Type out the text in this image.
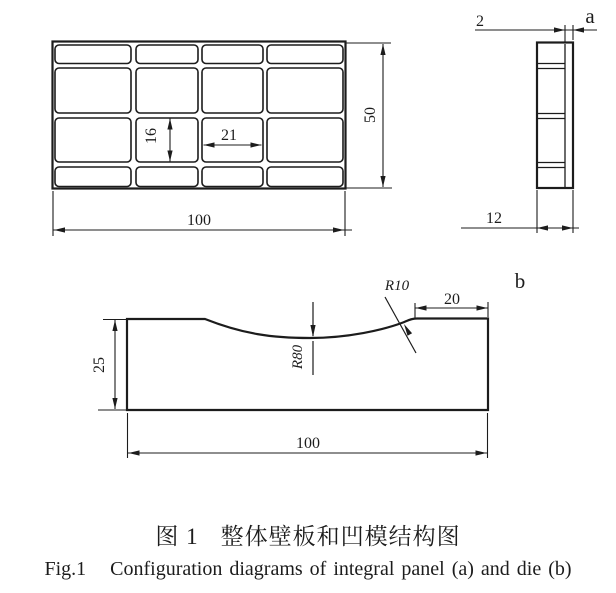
50
100
16	21
2
12
a
25
100
20
R10
R80
b
图 1 整体壁板和凹模结构图
Fig.1 Configuration diagrams of integral panel (a) and die (b)
